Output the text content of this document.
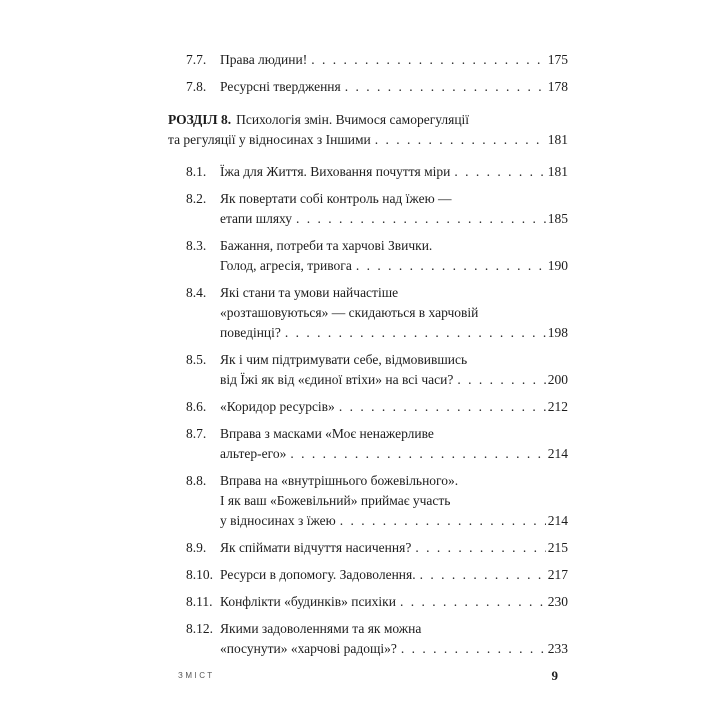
7.7.	Права людини! . . .	175
7.8.	Ресурсні твердження . . .	178
РОЗДІЛ 8. Психологія змін. Вчимося саморегуляції
та регуляції у відносинах з Іншими . . .	181
8.1.	Їжа для Життя. Виховання почуття міри . . .	181
8.2.	Як повертати собі контроль над їжею —
етапи шляху . . .	185
8.3.	Бажання, потреби та харчові Звички.
Голод, агресія, тривога . . .	190
8.4.	Які стани та умови найчастіше
«розташовуються» — скидаються в харчовій
поведінці? . . .	198
8.5.	Як і чим підтримувати себе, відмовившись
від Їжі як від «єдиної втіхи» на всі часи? . . .	200
8.6.	«Коридор ресурсів» . . .	212
8.7.	Вправа з масками «Моє ненажерливе
альтер-его» . . .	214
8.8.	Вправа на «внутрішнього божевільного».
І як ваш «Божевільний» приймає участь
у відносинах з їжею . . .	214
8.9.	Як спіймати відчуття насичення? . . .	215
8.10. Ресурси в допомогу. Задоволення. . . .	217
8.11. Конфлікти «будинків» психіки . . .	230
8.12. Якими задоволеннями та як можна
«посунути» «харчові радощі»? . . .	233
ЗМІСТ	9
